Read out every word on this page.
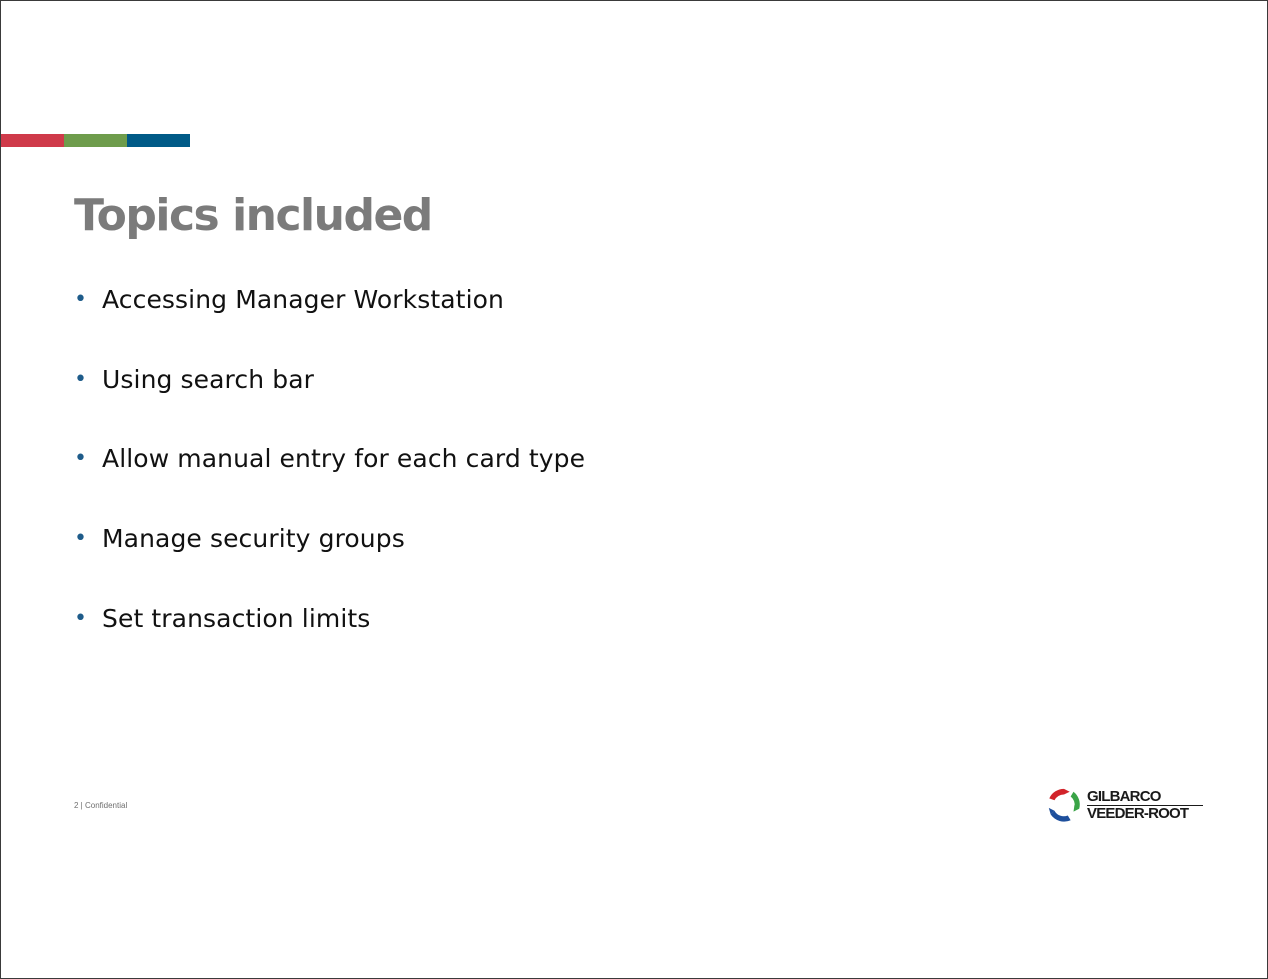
Topics included
• Accessing Manager Workstation
• Using search bar
• Allow manual entry for each card type
• Manage security groups
• Set transaction limits
2 | Confidential
GILBARCO
VEEDER-ROOT
